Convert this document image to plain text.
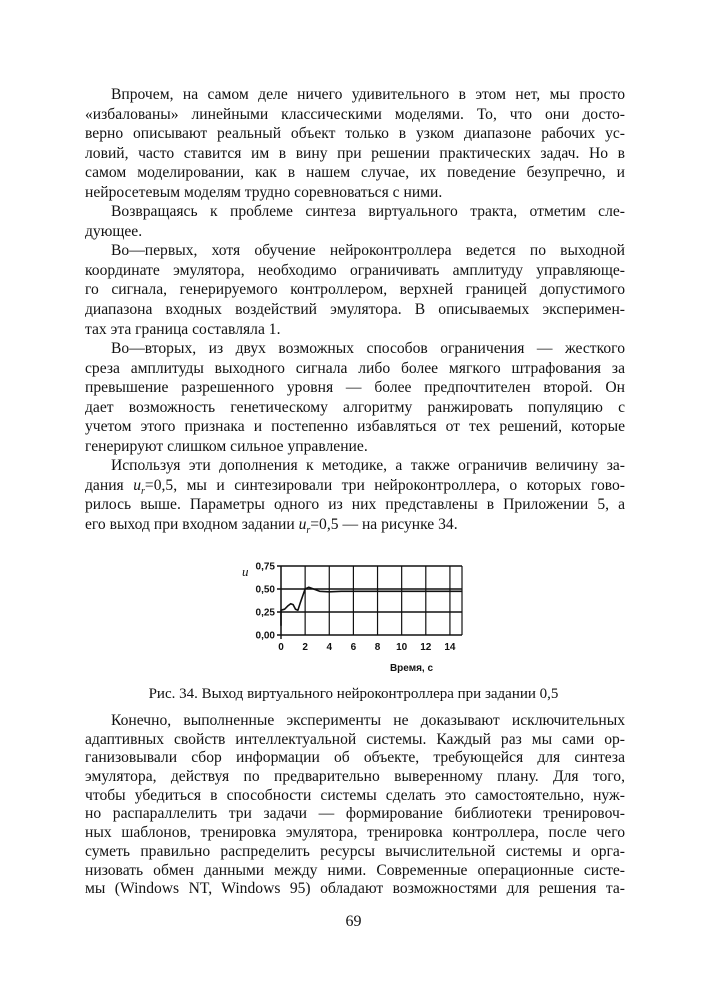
Впрочем, на самом деле ничего удивительного в этом нет, мы просто
«избалованы» линейными классическими моделями. То, что они досто-
верно описывают реальный объект только в узком диапазоне рабочих ус-
ловий, часто ставится им в вину при решении практических задач. Но в
самом моделировании, как в нашем случае, их поведение безупречно, и
нейросетевым моделям трудно соревноваться с ними.
Возвращаясь к проблеме синтеза виртуального тракта, отметим сле-
дующее.
Во—первых, хотя обучение нейроконтроллера ведется по выходной
координате эмулятора, необходимо ограничивать амплитуду управляюще-
го сигнала, генерируемого контроллером, верхней границей допустимого
диапазона входных воздействий эмулятора. В описываемых эксперимен-
тах эта граница составляла 1.
Во—вторых, из двух возможных способов ограничения — жесткого
среза амплитуды выходного сигнала либо более мягкого штрафования за
превышение разрешенного уровня — более предпочтителен второй. Он
дает возможность генетическому алгоритму ранжировать популяцию с
учетом этого признака и постепенно избавляться от тех решений, которые
генерируют слишком сильное управление.
Используя эти дополнения к методике, а также ограничив величину за-
дания $u_r=0,5$, мы и синтезировали три нейроконтроллера, о которых гово-
рилось выше. Параметры одного из них представлены в Приложении 5, а
его выход при входном задании $u_r=0,5$ — на рисунке 34.
0 2 4 6 8 10 12 14
0,00
0,25
0,50
0,75
Время, с
u
Рис. 34. Выход виртуального нейроконтроллера при задании 0,5
Конечно, выполненные эксперименты не доказывают исключительных
адаптивных свойств интеллектуальной системы. Каждый раз мы сами ор-
ганизовывали сбор информации об объекте, требующейся для синтеза
эмулятора, действуя по предварительно выверенному плану. Для того,
чтобы убедиться в способности системы сделать это самостоятельно, нуж-
но распараллелить три задачи — формирование библиотеки тренировоч-
ных шаблонов, тренировка эмулятора, тренировка контроллера, после чего
суметь правильно распределить ресурсы вычислительной системы и орга-
низовать обмен данными между ними. Современные операционные систе-
мы (Windows NT, Windows 95) обладают возможностями для решения та-
69
